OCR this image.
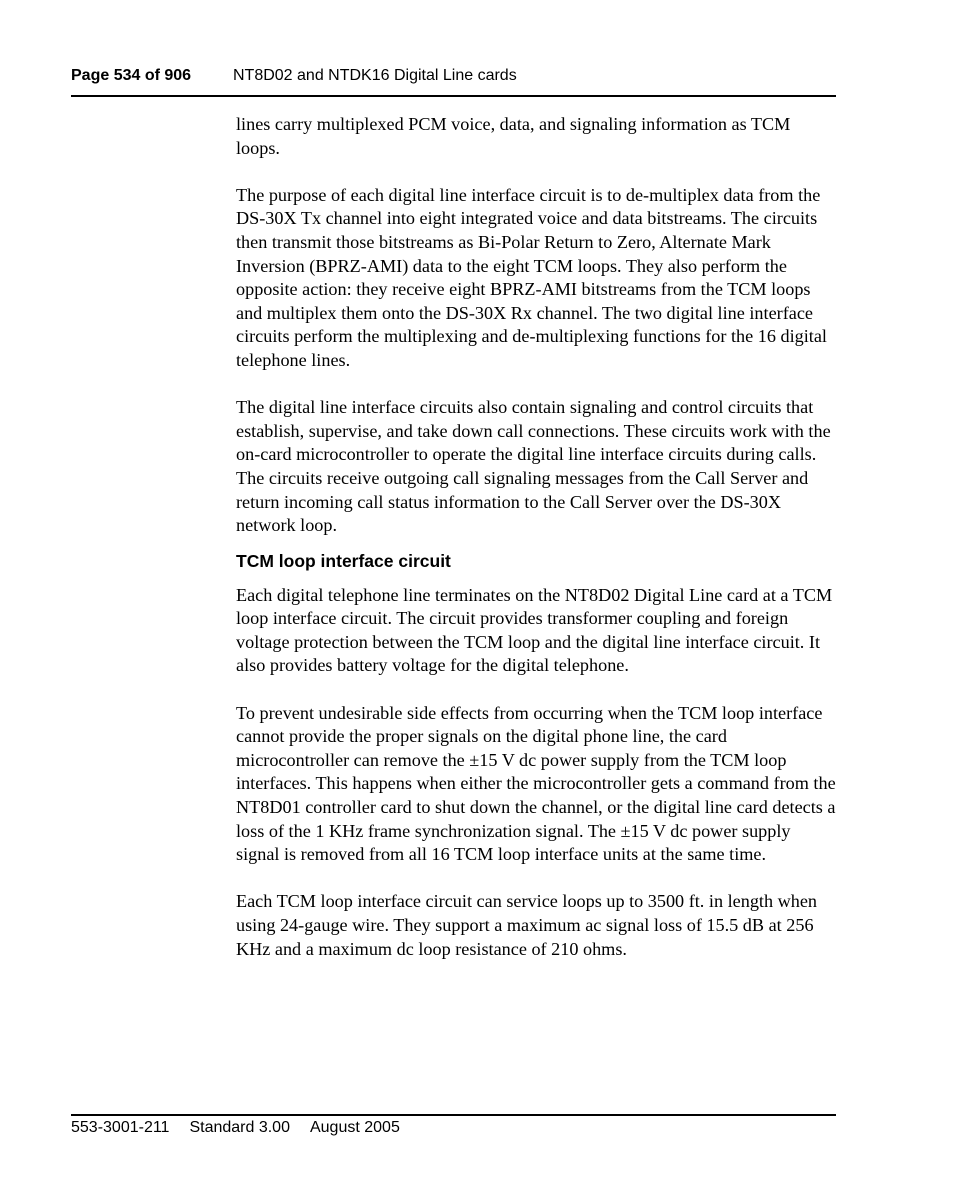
Page 534 of 906	NT8D02 and NTDK16 Digital Line cards

lines carry multiplexed PCM voice, data, and signaling information as TCM loops.

The purpose of each digital line interface circuit is to de-multiplex data from the DS-30X Tx channel into eight integrated voice and data bitstreams. The circuits then transmit those bitstreams as Bi-Polar Return to Zero, Alternate Mark Inversion (BPRZ-AMI) data to the eight TCM loops. They also perform the opposite action: they receive eight BPRZ-AMI bitstreams from the TCM loops and multiplex them onto the DS-30X Rx channel. The two digital line interface circuits perform the multiplexing and de-multiplexing functions for the 16 digital telephone lines.

The digital line interface circuits also contain signaling and control circuits that establish, supervise, and take down call connections. These circuits work with the on-card microcontroller to operate the digital line interface circuits during calls. The circuits receive outgoing call signaling messages from the Call Server and return incoming call status information to the Call Server over the DS-30X network loop.

TCM loop interface circuit

Each digital telephone line terminates on the NT8D02 Digital Line card at a TCM loop interface circuit. The circuit provides transformer coupling and foreign voltage protection between the TCM loop and the digital line interface circuit. It also provides battery voltage for the digital telephone.

To prevent undesirable side effects from occurring when the TCM loop interface cannot provide the proper signals on the digital phone line, the card microcontroller can remove the ±15 V dc power supply from the TCM loop interfaces. This happens when either the microcontroller gets a command from the NT8D01 controller card to shut down the channel, or the digital line card detects a loss of the 1 KHz frame synchronization signal. The ±15 V dc power supply signal is removed from all 16 TCM loop interface units at the same time.

Each TCM loop interface circuit can service loops up to 3500 ft. in length when using 24-gauge wire. They support a maximum ac signal loss of 15.5 dB at 256 KHz and a maximum dc loop resistance of 210 ohms.

553-3001-211 Standard 3.00 August 2005
